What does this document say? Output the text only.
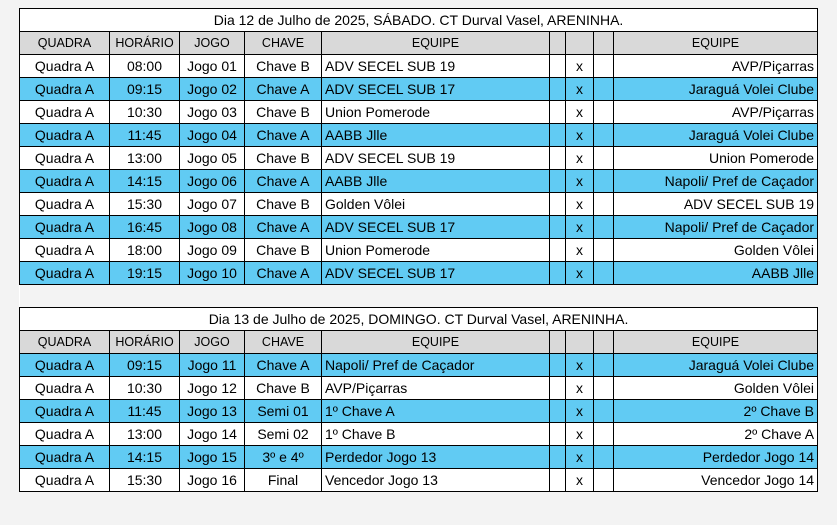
Dia 12 de Julho de 2025, SÁBADO. CT Durval Vasel, ARENINHA.								
QUADRA	HORÁRIO	JOGO	CHAVE	EQUIPE				EQUIPE
Quadra A	08:00	Jogo 01	Chave B	ADV SECEL SUB 19		x		AVP/Piçarras
Quadra A	09:15	Jogo 02	Chave A	ADV SECEL SUB 17		x		Jaraguá Volei Clube
Quadra A	10:30	Jogo 03	Chave B	Union Pomerode		x		AVP/Piçarras
Quadra A	11:45	Jogo 04	Chave A	AABB Jlle		x		Jaraguá Volei Clube
Quadra A	13:00	Jogo 05	Chave B	ADV SECEL SUB 19		x		Union Pomerode
Quadra A	14:15	Jogo 06	Chave A	AABB Jlle		x		Napoli/ Pref de Caçador
Quadra A	15:30	Jogo 07	Chave B	Golden Vôlei		x		ADV SECEL SUB 19
Quadra A	16:45	Jogo 08	Chave A	ADV SECEL SUB 17		x		Napoli/ Pref de Caçador
Quadra A	18:00	Jogo 09	Chave B	Union Pomerode		x		Golden Vôlei
Quadra A	19:15	Jogo 10	Chave A	ADV SECEL SUB 17		x		AABB Jlle

Dia 13 de Julho de 2025, DOMINGO. CT Durval Vasel, ARENINHA.								
QUADRA	HORÁRIO	JOGO	CHAVE	EQUIPE				EQUIPE
Quadra A	09:15	Jogo 11	Chave A	Napoli/ Pref de Caçador		x		Jaraguá Volei Clube
Quadra A	10:30	Jogo 12	Chave B	AVP/Piçarras		x		Golden Vôlei
Quadra A	11:45	Jogo 13	Semi 01	1º Chave A		x		2º Chave B
Quadra A	13:00	Jogo 14	Semi 02	1º Chave B		x		2º Chave A
Quadra A	14:15	Jogo 15	3º e 4º	Perdedor Jogo 13		x		Perdedor Jogo 14
Quadra A	15:30	Jogo 16	Final	Vencedor Jogo 13		x		Vencedor Jogo 14
